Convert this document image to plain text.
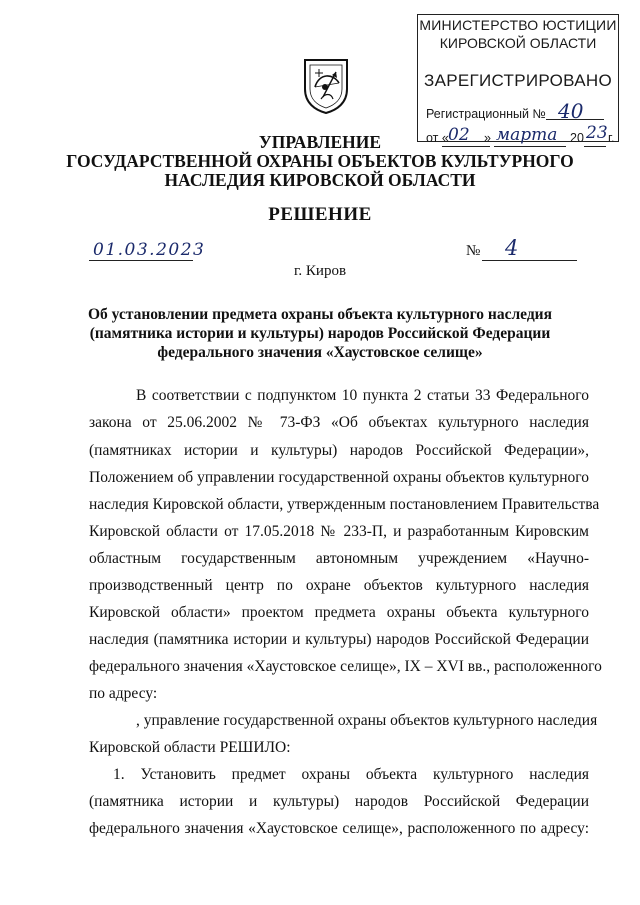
МИНИСТЕРСТВО ЮСТИЦИИ
КИРОВСКОЙ ОБЛАСТИ
ЗАРЕГИСТРИРОВАНО
Регистрационный № 40
от « 02 » марта 20 23 г.
УПРАВЛЕНИЕ
ГОСУДАРСТВЕННОЙ ОХРАНЫ ОБЪЕКТОВ КУЛЬТУРНОГО
НАСЛЕДИЯ КИРОВСКОЙ ОБЛАСТИ
РЕШЕНИЕ
01.03.2023	№ 4
г. Киров
Об установлении предмета охраны объекта культурного наследия
(памятника истории и культуры) народов Российской Федерации
федерального значения «Хаустовское селище»
В соответствии с подпунктом 10 пункта 2 статьи 33 Федерального
закона от 25.06.2002 № 73-ФЗ «Об объектах культурного наследия
(памятниках истории и культуры) народов Российской Федерации»,
Положением об управлении государственной охраны объектов культурного
наследия Кировской области, утвержденным постановлением Правительства
Кировской области от 17.05.2018 № 233-П, и разработанным Кировским
областным государственным автономным учреждением «Научно-
производственный центр по охране объектов культурного наследия
Кировской области» проектом предмета охраны объекта культурного
наследия (памятника истории и культуры) народов Российской Федерации
федерального значения «Хаустовское селище», IX – XVI вв., расположенного
по адресу:
, управление государственной охраны объектов культурного наследия
Кировской области РЕШИЛО:
1. Установить предмет охраны объекта культурного наследия
(памятника истории и культуры) народов Российской Федерации
федерального значения «Хаустовское селище», расположенного по адресу:
